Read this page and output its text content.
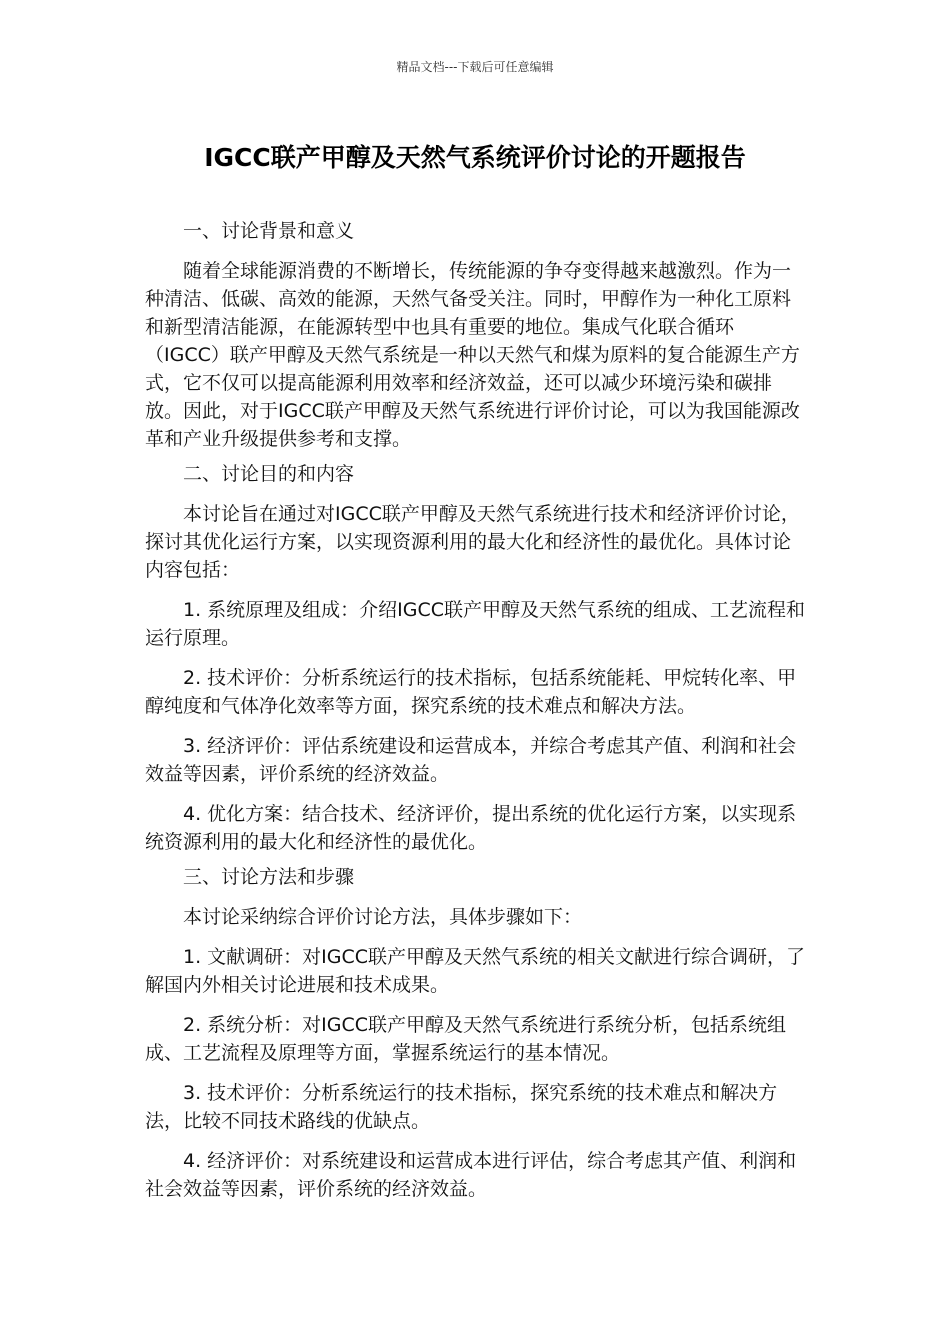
精品文档---下载后可任意编辑
IGCC联产甲醇及天然气系统评价讨论的开题报告

一、讨论背景和意义

随着全球能源消费的不断增长，传统能源的争夺变得越来越激烈。作为一种清洁、低碳、高效的能源，天然气备受关注。同时，甲醇作为一种化工原料和新型清洁能源，在能源转型中也具有重要的地位。集成气化联合循环（IGCC）联产甲醇及天然气系统是一种以天然气和煤为原料的复合能源生产方式，它不仅可以提高能源利用效率和经济效益，还可以减少环境污染和碳排放。因此，对于IGCC联产甲醇及天然气系统进行评价讨论，可以为我国能源改革和产业升级提供参考和支撑。

二、讨论目的和内容

本讨论旨在通过对IGCC联产甲醇及天然气系统进行技术和经济评价讨论，探讨其优化运行方案，以实现资源利用的最大化和经济性的最优化。具体讨论内容包括：

1. 系统原理及组成：介绍IGCC联产甲醇及天然气系统的组成、工艺流程和运行原理。

2. 技术评价：分析系统运行的技术指标，包括系统能耗、甲烷转化率、甲醇纯度和气体净化效率等方面，探究系统的技术难点和解决方法。

3. 经济评价：评估系统建设和运营成本，并综合考虑其产值、利润和社会效益等因素，评价系统的经济效益。

4. 优化方案：结合技术、经济评价，提出系统的优化运行方案，以实现系统资源利用的最大化和经济性的最优化。

三、讨论方法和步骤

本讨论采纳综合评价讨论方法，具体步骤如下：

1. 文献调研：对IGCC联产甲醇及天然气系统的相关文献进行综合调研，了解国内外相关讨论进展和技术成果。

2. 系统分析：对IGCC联产甲醇及天然气系统进行系统分析，包括系统组成、工艺流程及原理等方面，掌握系统运行的基本情况。

3. 技术评价：分析系统运行的技术指标，探究系统的技术难点和解决方法，比较不同技术路线的优缺点。

4. 经济评价：对系统建设和运营成本进行评估，综合考虑其产值、利润和社会效益等因素，评价系统的经济效益。
